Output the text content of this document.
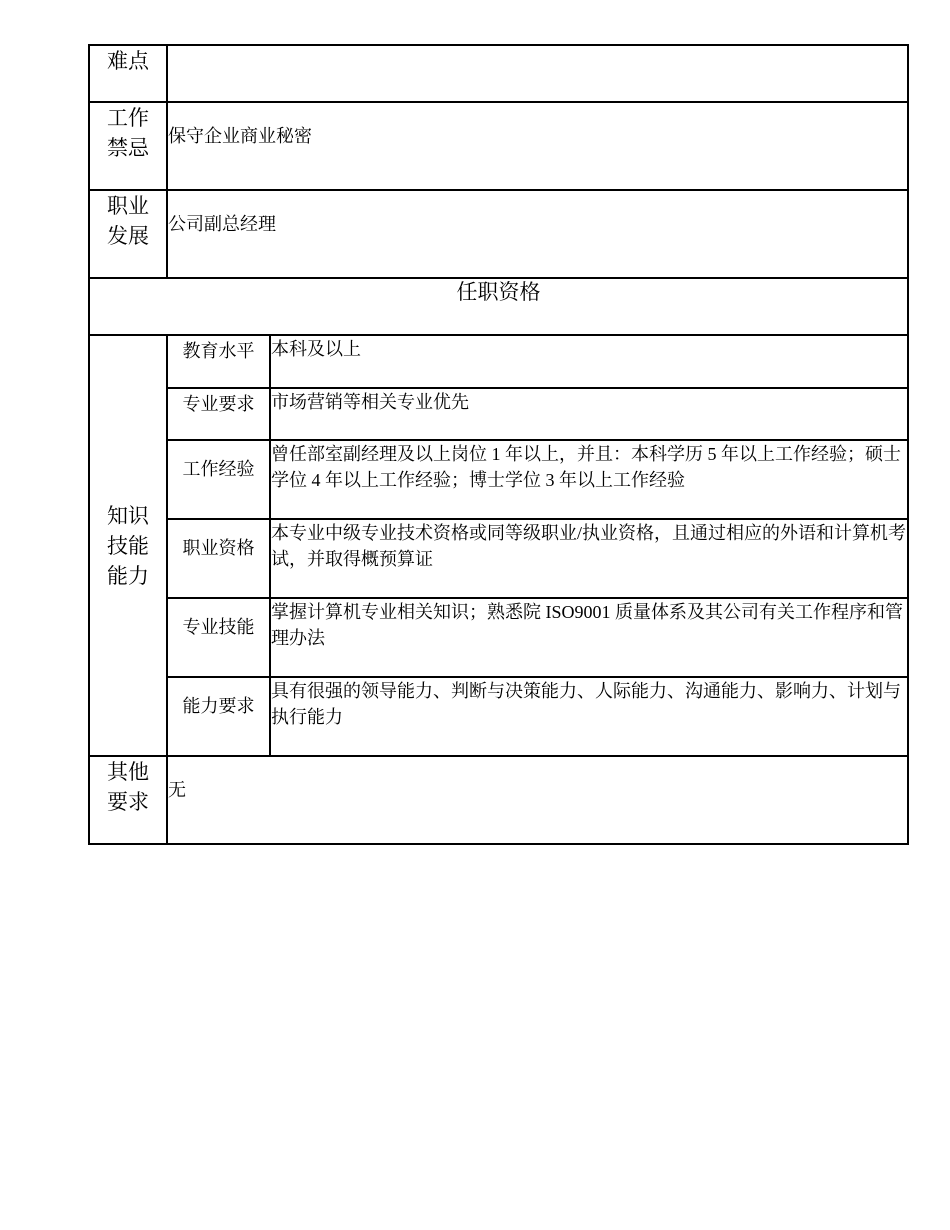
难点		

工作
禁忌	保守企业商业秘密	

职业
发展	公司副总经理	
任职资格		

知识
技能
能力	教育水平	本科及以上
	专业要求	市场营销等相关专业优先
	工作经验	曾任部室副经理及以上岗位 1 年以上，并且：本科学历 5 年以上工作经验；硕士学位 4 年以上工作经验；博士学位 3 年以上工作经验
	职业资格	本专业中级专业技术资格或同等级职业/执业资格，且通过相应的外语和计算机考试，并取得概预算证
	专业技能	掌握计算机专业相关知识；熟悉院 ISO9001 质量体系及其公司有关工作程序和管理办法
	能力要求	具有很强的领导能力、判断与决策能力、人际能力、沟通能力、影响力、计划与执行能力

其他
要求	无	
